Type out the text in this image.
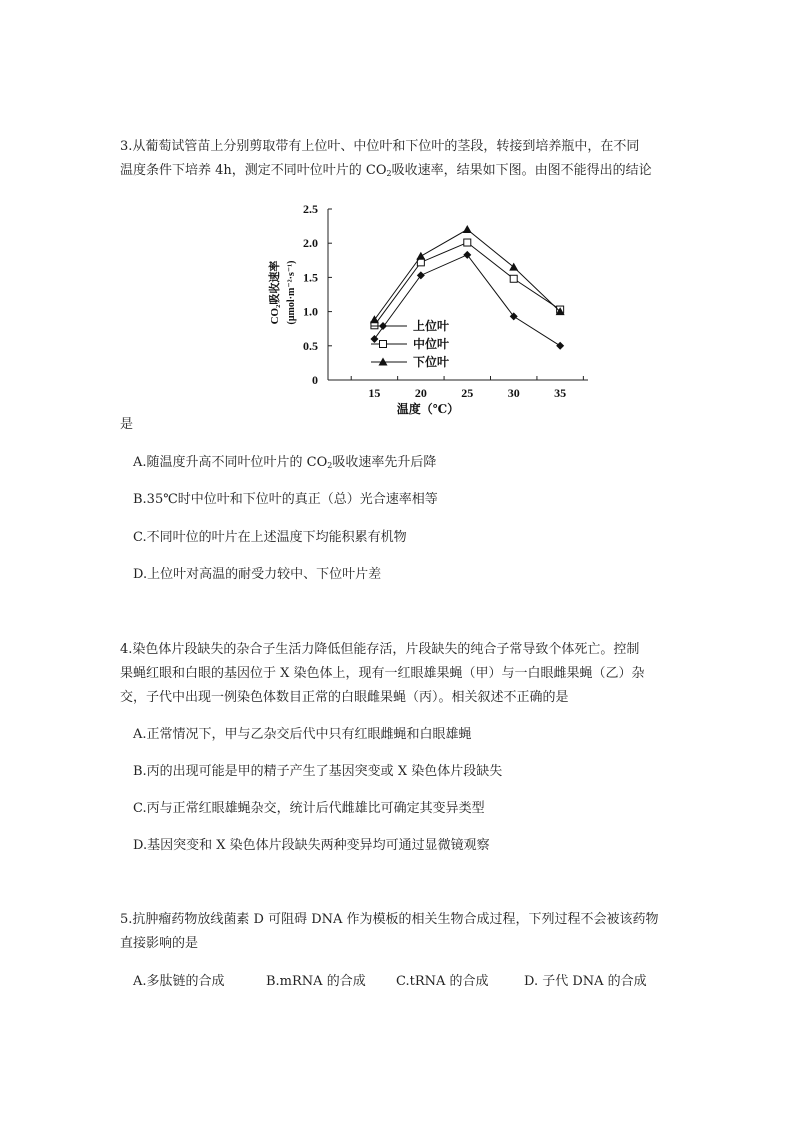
3.从葡萄试管苗上分别剪取带有上位叶、中位叶和下位叶的茎段，转接到培养瓶中，在不同
温度条件下培养 4h，测定不同叶位叶片的 $CO_2$吸收速率，结果如下图。由图不能得出的结论
0
0.5
1.0
1.5
2.0
2.5
15	20	25	30	35
温度（℃）
CO₂吸收速率 (μmol·m⁻²·s⁻¹)
上位叶
中位叶
下位叶
是
A.随温度升高不同叶位叶片的 $CO_2$吸收速率先升后降
B.35℃时中位叶和下位叶的真正（总）光合速率相等
C.不同叶位的叶片在上述温度下均能积累有机物
D.上位叶对高温的耐受力较中、下位叶片差
4.染色体片段缺失的杂合子生活力降低但能存活，片段缺失的纯合子常导致个体死亡。控制
果蝇红眼和白眼的基因位于 X 染色体上，现有一红眼雄果蝇（甲）与一白眼雌果蝇（乙）杂
交，子代中出现一例染色体数目正常的白眼雌果蝇（丙）。相关叙述不正确的是
A.正常情况下，甲与乙杂交后代中只有红眼雌蝇和白眼雄蝇
B.丙的出现可能是甲的精子产生了基因突变或 X 染色体片段缺失
C.丙与正常红眼雄蝇杂交，统计后代雌雄比可确定其变异类型
D.基因突变和 X 染色体片段缺失两种变异均可通过显微镜观察
5.抗肿瘤药物放线菌素 D 可阻碍 DNA 作为模板的相关生物合成过程，下列过程不会被该药物
直接影响的是
A.多肽链的合成	B.mRNA 的合成 C.tRNA 的合成	D. 子代 DNA 的合成
